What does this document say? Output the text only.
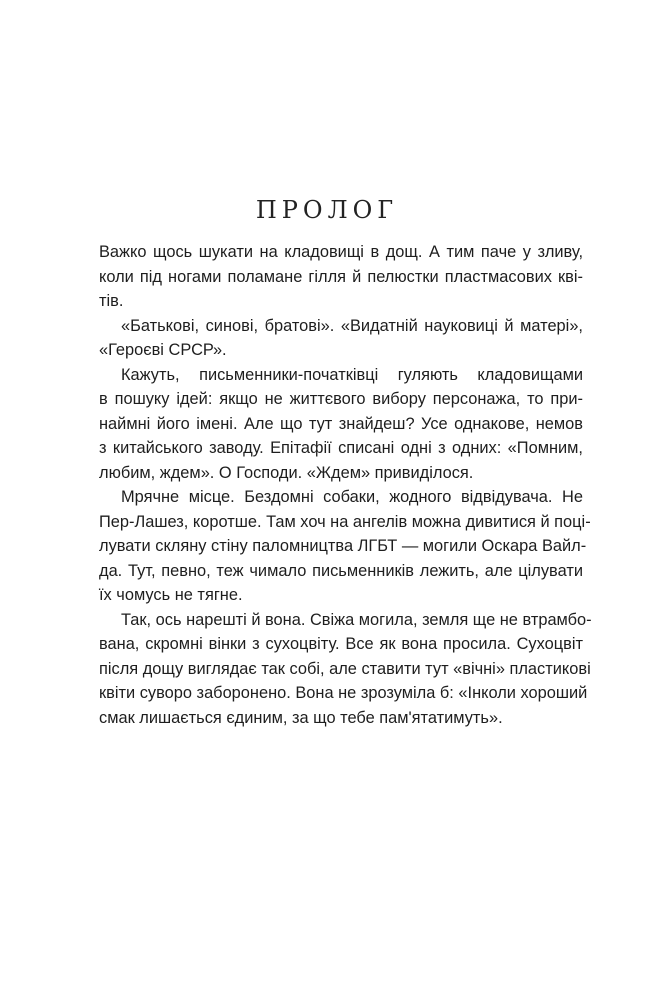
ПРОЛОГ
Важко щось шукати на кладовищі в дощ. А тим паче у зливу,
коли під ногами поламане гілля й пелюстки пластмасових кві-
тів.
«Батькові, синові, братові». «Видатній науковиці й матері»,
«Героєві СРСР».
Кажуть, письменники-початківці гуляють кладовищами
в пошуку ідей: якщо не життєвого вибору персонажа, то при-
наймні його імені. Але що тут знайдеш? Усе однакове, немов
з китайського заводу. Епітафії списані одні з одних: «Помним,
любим, ждем». О Господи. «Ждем» привиділося.
Мрячне місце. Бездомні собаки, жодного відвідувача. Не
Пер-Лашез, коротше. Там хоч на ангелів можна дивитися й поці-
лувати скляну стіну паломництва ЛГБТ — могили Оскара Вайл-
да. Тут, певно, теж чимало письменників лежить, але цілувати
їх чомусь не тягне.
Так, ось нарешті й вона. Свіжа могила, земля ще не втрамбо-
вана, скромні вінки з сухоцвіту. Все як вона просила. Сухоцвіт
після дощу виглядає так собі, але ставити тут «вічні» пластикові
квіти суворо заборонено. Вона не зрозуміла б: «Інколи хороший
смак лишається єдиним, за що тебе пам'ятатимуть».
